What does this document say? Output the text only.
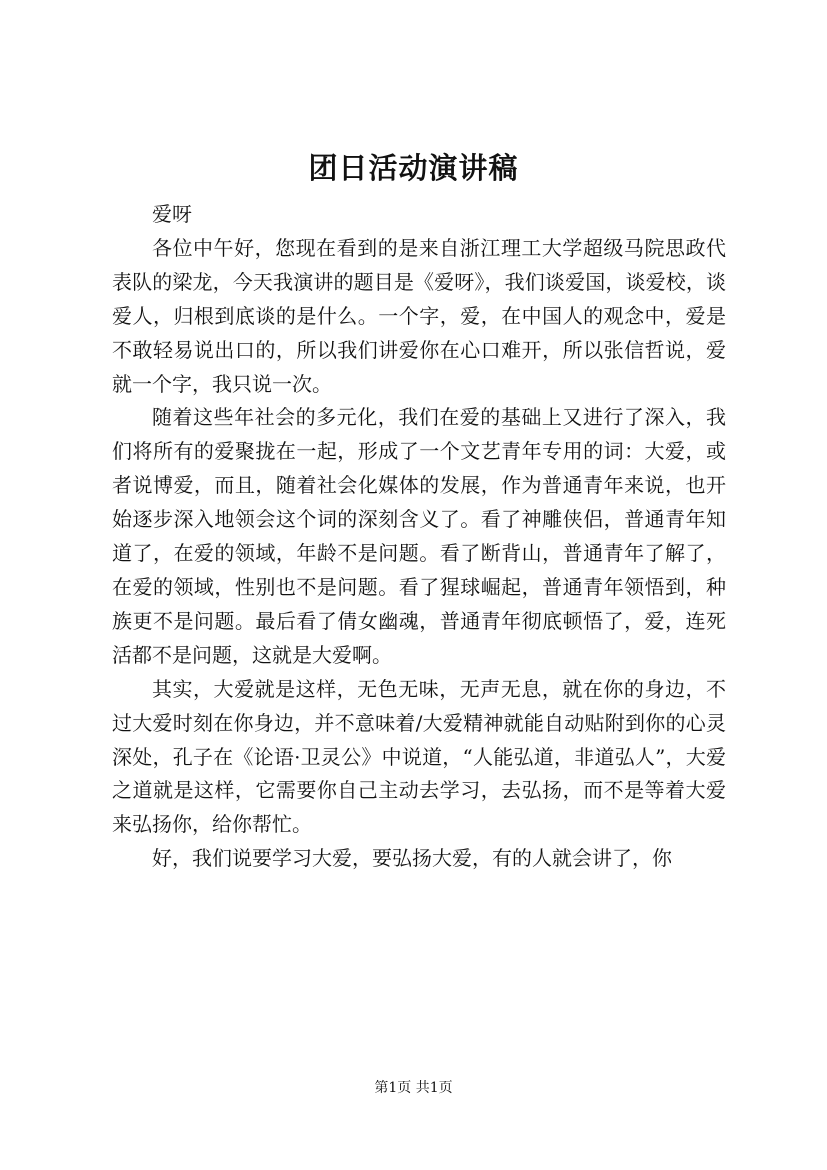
团日活动演讲稿

爱呀

各位中午好，您现在看到的是来自浙江理工大学超级马院思政代表队的梁龙，今天我演讲的题目是《爱呀》，我们谈爱国，谈爱校，谈爱人，归根到底谈的是什么。一个字，爱，在中国人的观念中，爱是不敢轻易说出口的，所以我们讲爱你在心口难开，所以张信哲说，爱就一个字，我只说一次。

随着这些年社会的多元化，我们在爱的基础上又进行了深入，我们将所有的爱聚拢在一起，形成了一个文艺青年专用的词：大爱，或者说博爱，而且，随着社会化媒体的发展，作为普通青年来说，也开始逐步深入地领会这个词的深刻含义了。看了神雕侠侣，普通青年知道了，在爱的领域，年龄不是问题。看了断背山，普通青年了解了，在爱的领域，性别也不是问题。看了猩球崛起，普通青年领悟到，种族更不是问题。最后看了倩女幽魂，普通青年彻底顿悟了，爱，连死活都不是问题，这就是大爱啊。

其实，大爱就是这样，无色无味，无声无息，就在你的身边，不过大爱时刻在你身边，并不意味着/大爱精神就能自动贴附到你的心灵深处，孔子在《论语·卫灵公》中说道，“人能弘道，非道弘人”，大爱之道就是这样，它需要你自己主动去学习，去弘扬，而不是等着大爱来弘扬你，给你帮忙。

好，我们说要学习大爱，要弘扬大爱，有的人就会讲了，你

第1页 共1页
